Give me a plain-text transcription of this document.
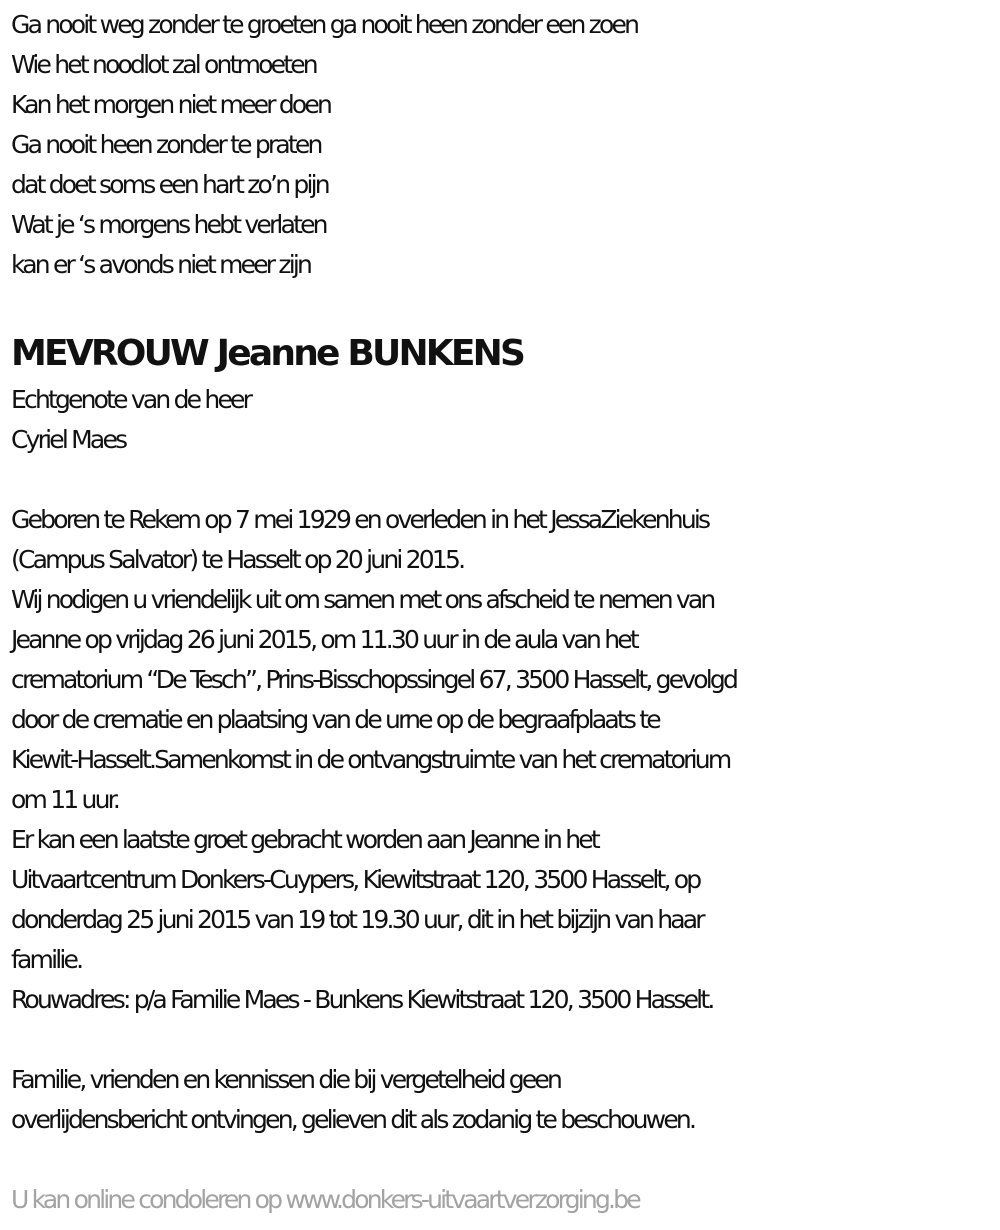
Ga nooit weg zonder te groeten ga nooit heen zonder een zoen
Wie het noodlot zal ontmoeten
Kan het morgen niet meer doen
Ga nooit heen zonder te praten
dat doet soms een hart zo’n pijn
Wat je ‘s morgens hebt verlaten
kan er ‘s avonds niet meer zijn
MEVROUW Jeanne BUNKENS
Echtgenote van de heer
Cyriel Maes
Geboren te Rekem op 7 mei 1929 en overleden in het JessaZiekenhuis
(Campus Salvator) te Hasselt op 20 juni 2015.
Wij nodigen u vriendelijk uit om samen met ons afscheid te nemen van
Jeanne op vrijdag 26 juni 2015, om 11.30 uur in de aula van het
crematorium “De Tesch”, Prins-Bisschopssingel 67, 3500 Hasselt, gevolgd
door de crematie en plaatsing van de urne op de begraafplaats te
Kiewit-Hasselt.Samenkomst in de ontvangstruimte van het crematorium
om 11 uur.
Er kan een laatste groet gebracht worden aan Jeanne in het
Uitvaartcentrum Donkers-Cuypers, Kiewitstraat 120, 3500 Hasselt, op
donderdag 25 juni 2015 van 19 tot 19.30 uur, dit in het bijzijn van haar
familie.
Rouwadres: p/a Familie Maes - Bunkens Kiewitstraat 120, 3500 Hasselt.
Familie, vrienden en kennissen die bij vergetelheid geen
overlijdensbericht ontvingen, gelieven dit als zodanig te beschouwen.
U kan online condoleren op www.donkers-uitvaartverzorging.be
